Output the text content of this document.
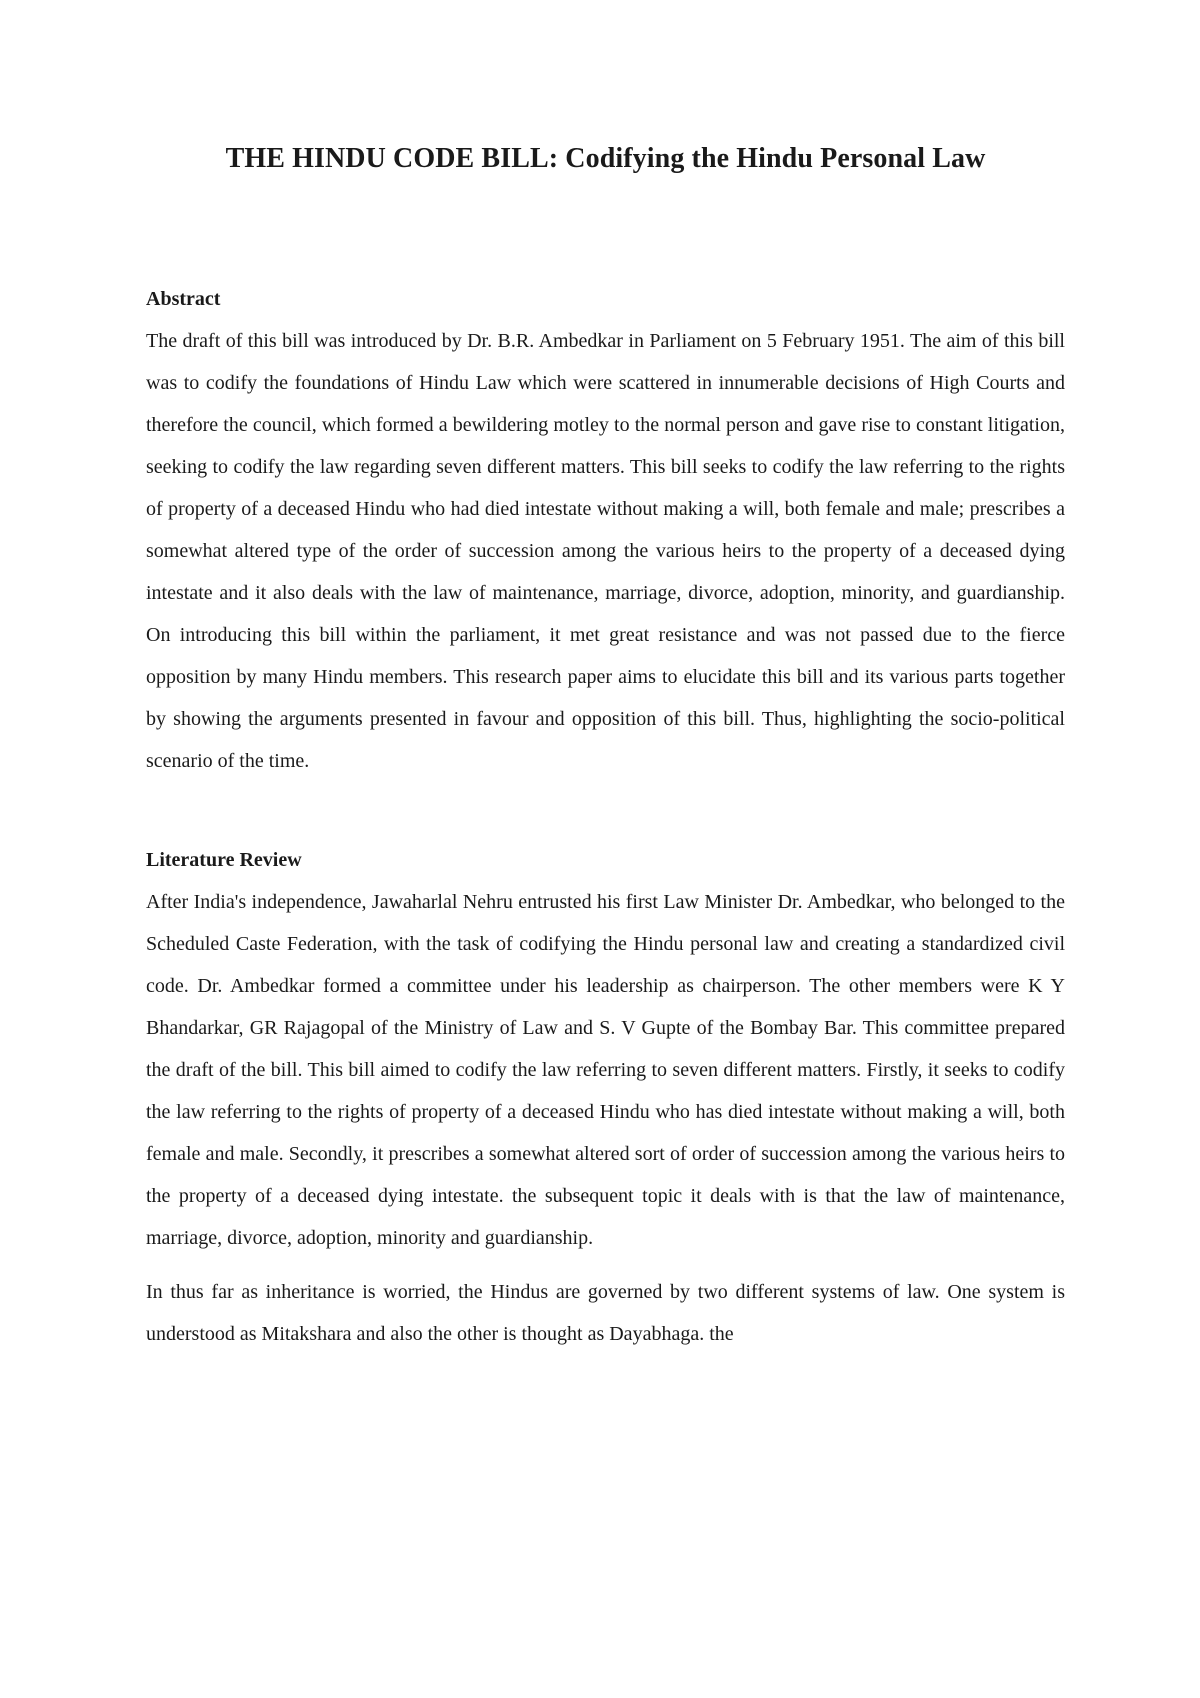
THE HINDU CODE BILL: Codifying the Hindu Personal Law
Abstract

The draft of this bill was introduced by Dr. B.R. Ambedkar in Parliament on 5 February 1951. The aim of this bill was to codify the foundations of Hindu Law which were scattered in innumerable decisions of High Courts and therefore the council, which formed a bewildering motley to the normal person and gave rise to constant litigation, seeking to codify the law regarding seven different matters. This bill seeks to codify the law referring to the rights of property of a deceased Hindu who had died intestate without making a will, both female and male; prescribes a somewhat altered type of the order of succession among the various heirs to the property of a deceased dying intestate and it also deals with the law of maintenance, marriage, divorce, adoption, minority, and guardianship. On introducing this bill within the parliament, it met great resistance and was not passed due to the fierce opposition by many Hindu members. This research paper aims to elucidate this bill and its various parts together by showing the arguments presented in favour and opposition of this bill. Thus, highlighting the socio-political scenario of the time.

Literature Review

After India's independence, Jawaharlal Nehru entrusted his first Law Minister Dr. Ambedkar, who belonged to the Scheduled Caste Federation, with the task of codifying the Hindu personal law and creating a standardized civil code. Dr. Ambedkar formed a committee under his leadership as chairperson. The other members were K Y Bhandarkar, GR Rajagopal of the Ministry of Law and S. V Gupte of the Bombay Bar. This committee prepared the draft of the bill. This bill aimed to codify the law referring to seven different matters. Firstly, it seeks to codify the law referring to the rights of property of a deceased Hindu who has died intestate without making a will, both female and male. Secondly, it prescribes a somewhat altered sort of order of succession among the various heirs to the property of a deceased dying intestate. the subsequent topic it deals with is that the law of maintenance, marriage, divorce, adoption, minority and guardianship.

In thus far as inheritance is worried, the Hindus are governed by two different systems of law. One system is understood as Mitakshara and also the other is thought as Dayabhaga. the
